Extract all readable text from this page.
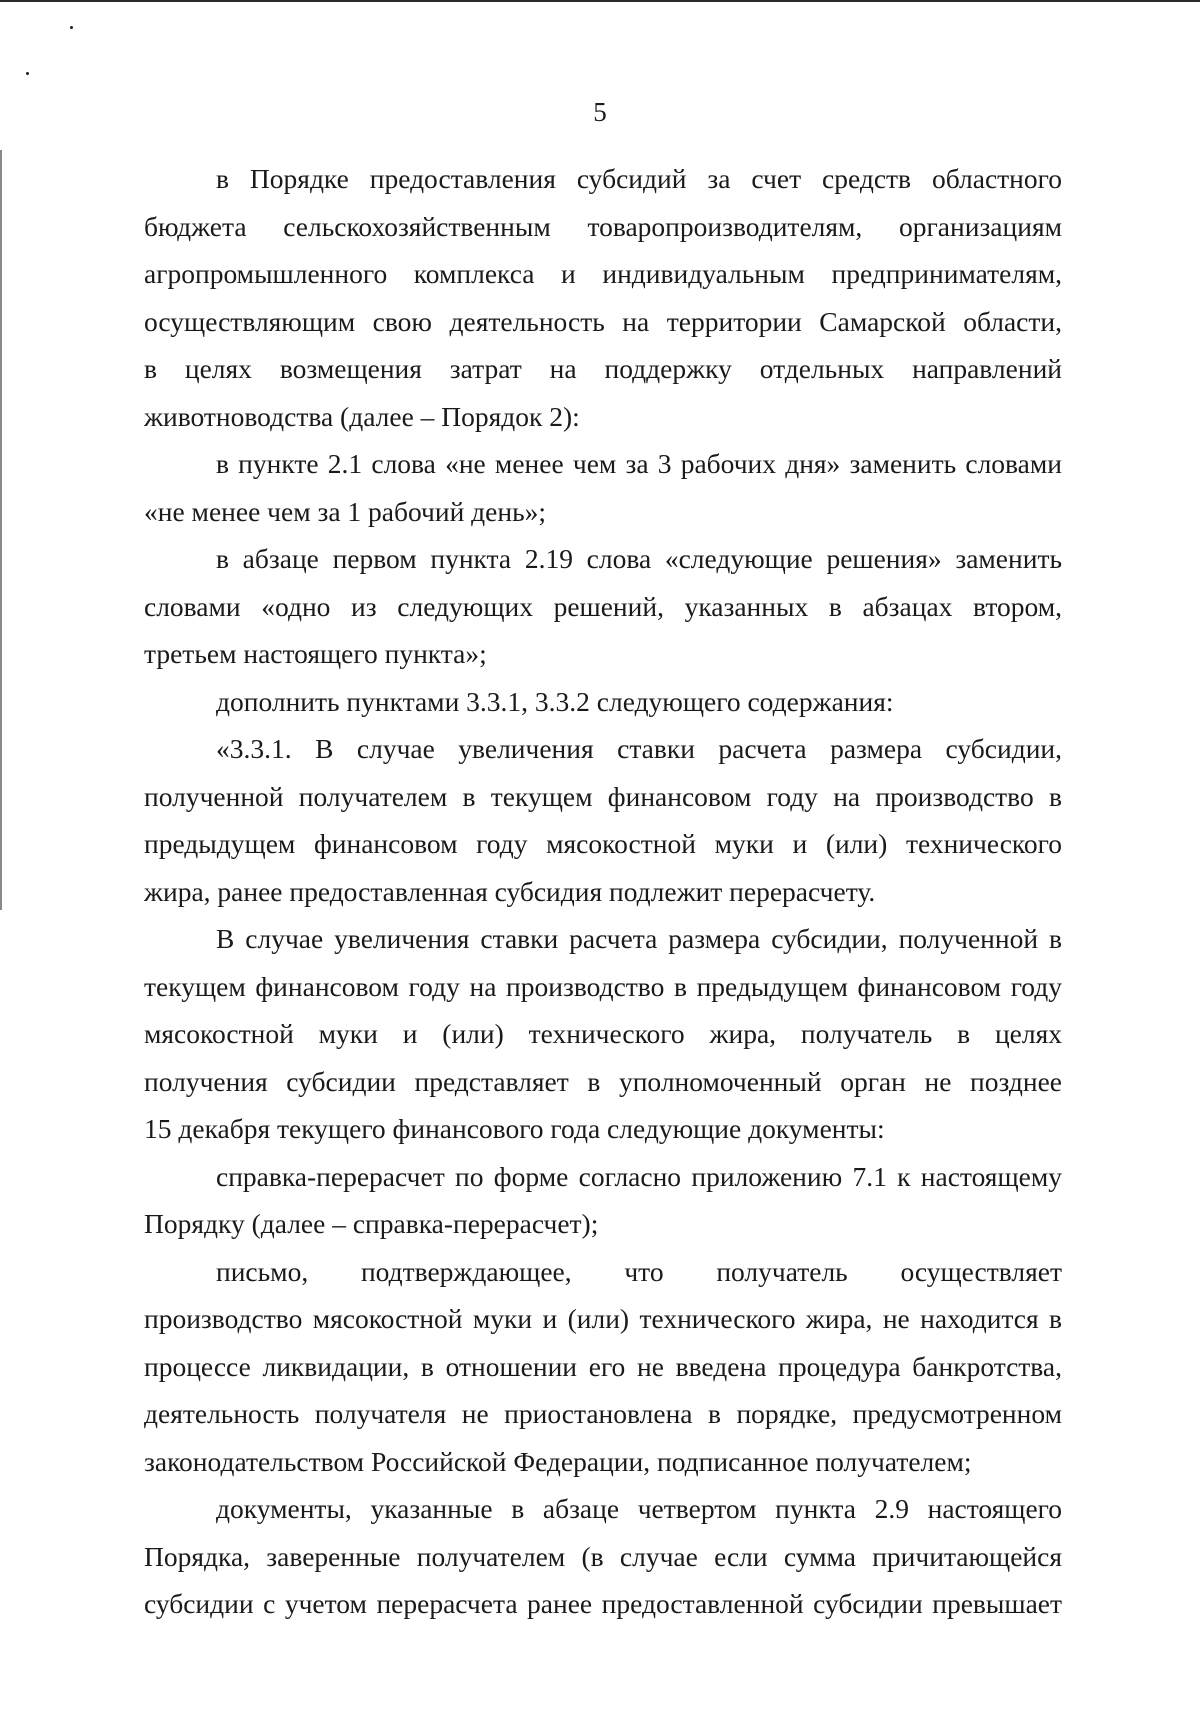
5
в Порядке предоставления субсидий за счет средств областного
бюджета сельскохозяйственным товаропроизводителям, организациям
агропромышленного комплекса и индивидуальным предпринимателям,
осуществляющим свою деятельность на территории Самарской области,
в целях возмещения затрат на поддержку отдельных направлений
животноводства (далее – Порядок 2):
в пункте 2.1 слова «не менее чем за 3 рабочих дня» заменить словами
«не менее чем за 1 рабочий день»;
в абзаце первом пункта 2.19 слова «следующие решения» заменить
словами «одно из следующих решений, указанных в абзацах втором,
третьем настоящего пункта»;
дополнить пунктами 3.3.1, 3.3.2 следующего содержания:
«3.3.1. В случае увеличения ставки расчета размера субсидии,
полученной получателем в текущем финансовом году на производство в
предыдущем финансовом году мясокостной муки и (или) технического
жира, ранее предоставленная субсидия подлежит перерасчету.
В случае увеличения ставки расчета размера субсидии, полученной в
текущем финансовом году на производство в предыдущем финансовом году
мясокостной муки и (или) технического жира, получатель в целях
получения субсидии представляет в уполномоченный орган не позднее
15 декабря текущего финансового года следующие документы:
справка-перерасчет по форме согласно приложению 7.1 к настоящему
Порядку (далее – справка-перерасчет);
письмо, подтверждающее, что получатель осуществляет
производство мясокостной муки и (или) технического жира, не находится в
процессе ликвидации, в отношении его не введена процедура банкротства,
деятельность получателя не приостановлена в порядке, предусмотренном
законодательством Российской Федерации, подписанное получателем;
документы, указанные в абзаце четвертом пункта 2.9 настоящего
Порядка, заверенные получателем (в случае если сумма причитающейся
субсидии с учетом перерасчета ранее предоставленной субсидии превышает
